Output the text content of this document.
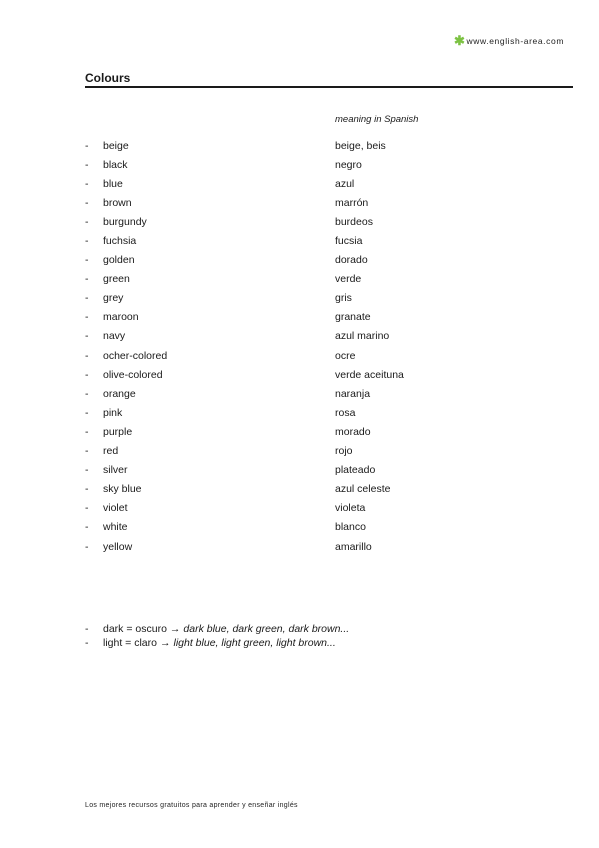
✱ www.english-area.com
Colours
meaning in Spanish
-	beige	beige, beis
-	black	negro
-	blue	azul
-	brown	marrón
-	burgundy	burdeos
-	fuchsia	fucsia
-	golden	dorado
-	green	verde
-	grey	gris
-	maroon	granate
-	navy	azul marino
-	ocher-colored	ocre
-	olive-colored	verde aceituna
-	orange	naranja
-	pink	rosa
-	purple	morado
-	red	rojo
-	silver	plateado
-	sky blue	azul celeste
-	violet	violeta
-	white	blanco
-	yellow	amarillo
-	dark = oscuro → dark blue, dark green, dark brown...
-	light = claro → light blue, light green, light brown...
Los mejores recursos gratuitos para aprender y enseñar inglés
